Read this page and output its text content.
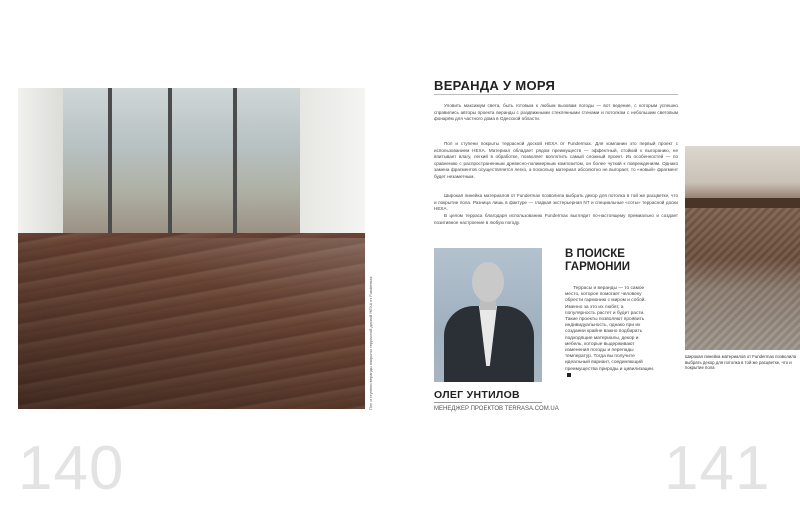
Пол и ступени веранды покрыты террасной доской HEXA от Fundermax
140
ВЕРАНДА У МОРЯ

Уловить максимум света, быть готовым к любым вызовам погоды — вот ведение, с которым успешно справились авторы проекта веранды с раздвижными стеклянными стенами и потолком с небольшим световым фонарём для частного дома в Одесской области.

Пол и ступени покрыты террасной доской HEXA от Fundermax. Для компании это первый проект с использованием HEXA. Материал обладает рядом преимуществ — эффектный, стойкий к выгоранию, не впитывает влагу, легкий в обработке, позволяет воплотить самый сложный проект. Из особенностей — по сравнению с распространенным древесно-полимерным композитом, он более чуткий к повреждениям. Однако замена фрагментов осуществляется легко, а поскольку материал абсолютно не выгорает, то «новый» фрагмент будет незаметным.

Широкая линейка материалов от Fundermax позволила выбрать декор для потолка в той же расцветке, что и покрытие пола. Разница лишь в фактуре — гладкая экстерьерная NT и специальные «соты» террасной доски HEXA.

В целом терраса благодаря использованию Fundermax выглядит по-настоящему премиально и создает позитивное настроение в любую погоду.

ОЛЕГ УНТИЛОВ
МЕНЕДЖЕР ПРОЕКТОВ TERRASA.COM.UA
В ПОИСКЕ ГАРМОНИИ

Террасы и веранды — то самое место, которое помогает человеку обрести гармонию с миром и собой. Именно за это их любят, а популярность растет и будет расти. Такие проекты позволяют проявить индивидуальность, однако при их создании крайне важно подбирать подходящие материалы, декор и мебель, которые выдерживают изменения погоды и перепады температур. Тогда вы получите идеальный вариант, соединяющий преимущества природы и цивилизации.

Широкая линейка материалов от Fundermax позволила выбрать декор для потолка в той же расцветке, что и покрытие пола

141
